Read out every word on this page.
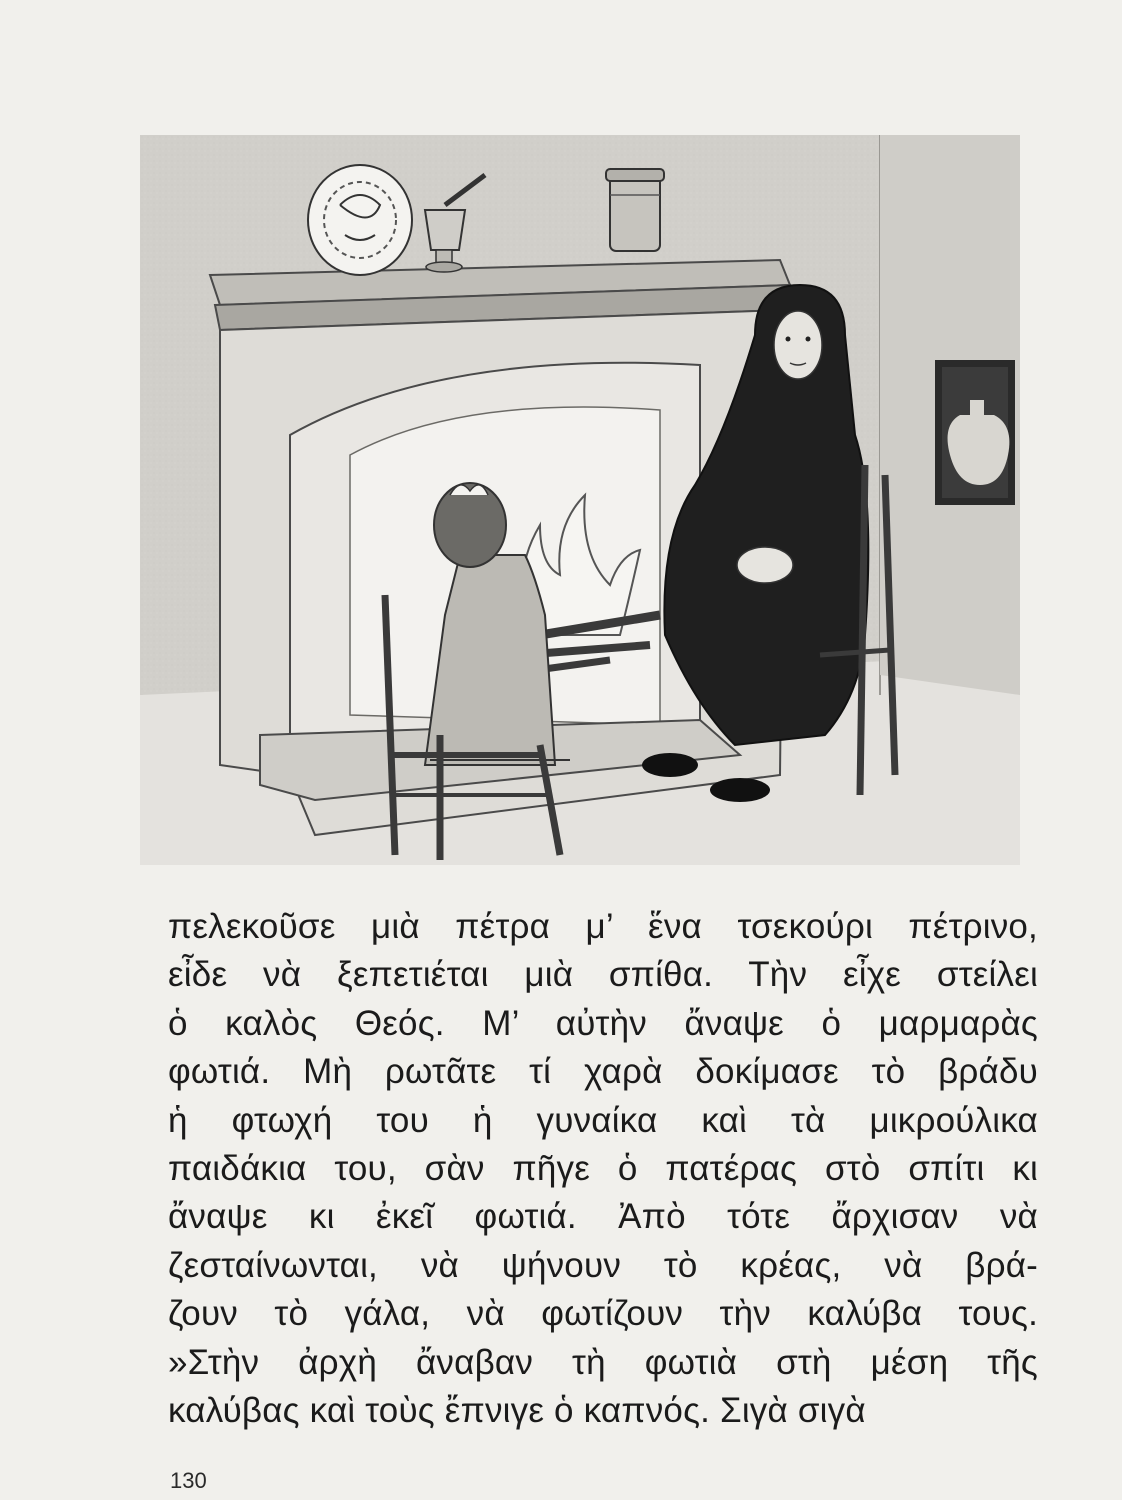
πελεκοῦσε μιὰ πέτρα μ’ ἕνα τσεκούρι πέτρινο,
εἶδε νὰ ξεπετιέται μιὰ σπίθα. Τὴν εἶχε στείλει
ὁ καλὸς Θεός. Μ’ αὐτὴν ἄναψε ὁ μαρμαρὰς
φωτιά. Μὴ ρωτᾶτε τί χαρὰ δοκίμασε τὸ βράδυ
ἡ φτωχή του ἡ γυναίκα καὶ τὰ μικρούλικα
παιδάκια του, σὰν πῆγε ὁ πατέρας στὸ σπίτι κι
ἄναψε κι ἐκεῖ φωτιά. Ἀπὸ τότε ἄρχισαν νὰ
ζεσταίνωνται, νὰ ψήνουν τὸ κρέας, νὰ βρά-
ζουν τὸ γάλα, νὰ φωτίζουν τὴν καλύβα τους.
»Στὴν ἀρχὴ ἄναβαν τὴ φωτιὰ στὴ μέση τῆς
καλύβας καὶ τοὺς ἔπνιγε ὁ καπνός. Σιγὰ σιγὰ
130
